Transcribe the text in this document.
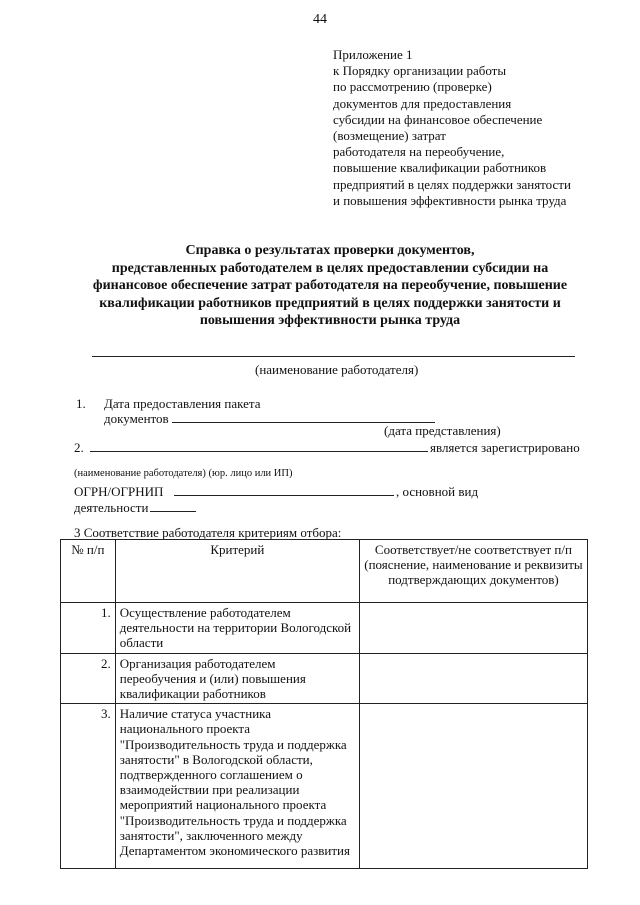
44
Приложение 1
к Порядку организации работы
по рассмотрению (проверке)
документов для предоставления
субсидии на финансовое обеспечение
(возмещение) затрат
работодателя на переобучение,
повышение квалификации работников
предприятий в целях поддержки занятости
и повышения эффективности рынка труда
Справка о результатах проверки документов,
представленных работодателем в целях предоставлении субсидии на
финансовое обеспечение затрат работодателя на переобучение, повышение
квалификации работников предприятий в целях поддержки занятости и
повышения эффективности рынка труда
(наименование работодателя)
1. Дата предоставления пакета
документов
(дата представления)
2.	является зарегистрировано
(наименование работодателя) (юр. лицо или ИП)
ОГРН/ОГРНИП	, основной вид
деятельности
3 Соответствие работодателя критериям отбора:
№ п/п	Критерий	Соответствует/не соответствует п/п (пояснение, наименование и реквизиты подтверждающих документов)
1.	Осуществление работодателем деятельности на территории Вологодской области	
2.	Организация работодателем переобучения и (или) повышения квалификации работников	
3.	Наличие статуса участника национального проекта "Производительность труда и поддержка занятости" в Вологодской области, подтвержденного соглашением о взаимодействии при реализации мероприятий национального проекта "Производительность труда и поддержка занятости", заключенного между Департаментом экономического развития	
